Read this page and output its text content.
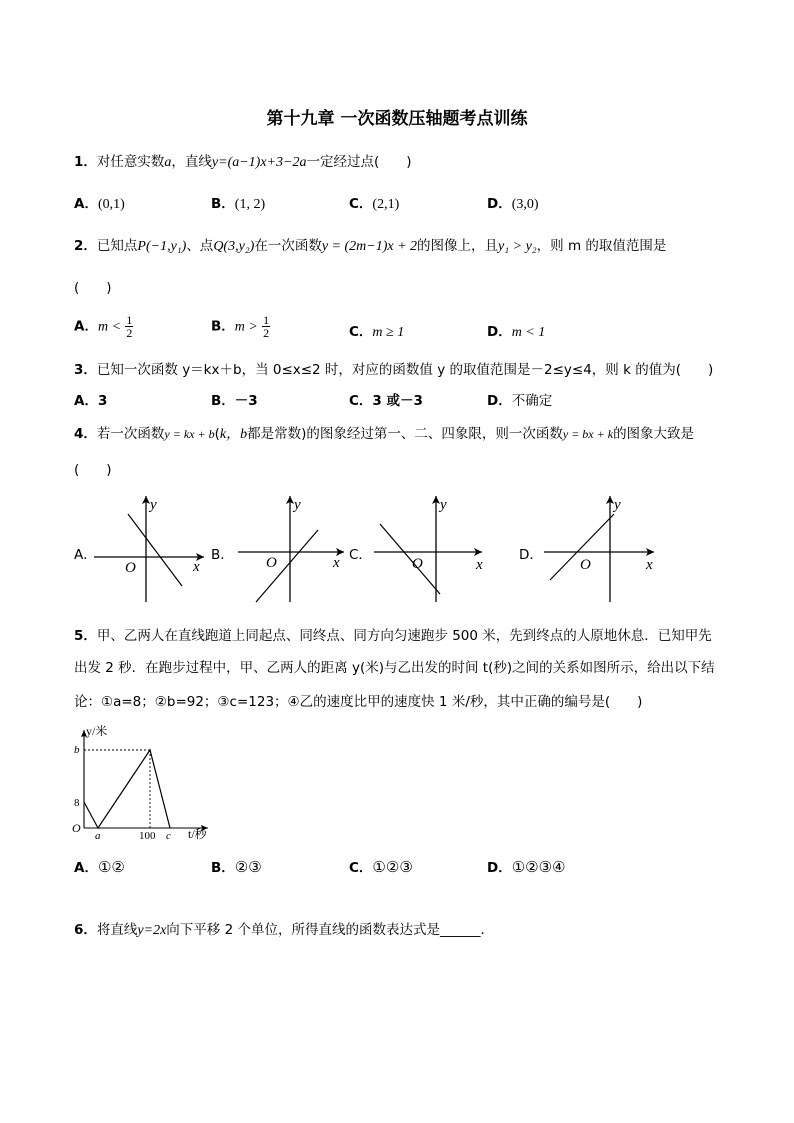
第十九章 一次函数压轴题考点训练
1．对任意实数a，直线y=(a−1)x+3−2a一定经过点(　　)
A．(0,1)	B．(1, 2)	C．(2,1)	D．(3,0)
2．已知点P(−1,y₁)、点Q(3,y₂)在一次函数y = (2m−1)x + 2的图像上，且y₁ > y₂，则 m 的取值范围是
(　　)
A．$m < \frac{1}{2}$	B．$m > \frac{1}{2}$	C．m ≥ 1	D．m < 1
3．已知一次函数 y＝kx＋b，当 0≤x≤2 时，对应的函数值 y 的取值范围是－2≤y≤4，则 k 的值为(　　)
A．3	B．－3	C．3 或－3	D．不确定
4．若一次函数y = kx + b(k，b都是常数)的图象经过第一、二、四象限，则一次函数y = bx + k的图象大致是
(　　)
A．
y
x
O
B．
y
x
O	C．
y
x
O
D．
y
x
O
5．甲、乙两人在直线跑道上同起点、同终点、同方向匀速跑步 500 米，先到终点的人原地休息．已知甲先
出发 2 秒．在跑步过程中，甲、乙两人的距离 y(米)与乙出发的时间 t(秒)之间的关系如图所示，给出以下结
论：①a=8；②b=92；③c=123；④乙的速度比甲的速度快 1 米/秒，其中正确的编号是(　　)
y/米
t/秒
O
b
8
a	100 c
A．①②	B．②③	C．①②③	D．①②③④
6．将直线y=2x向下平移 2 个单位，所得直线的函数表达式是______．
